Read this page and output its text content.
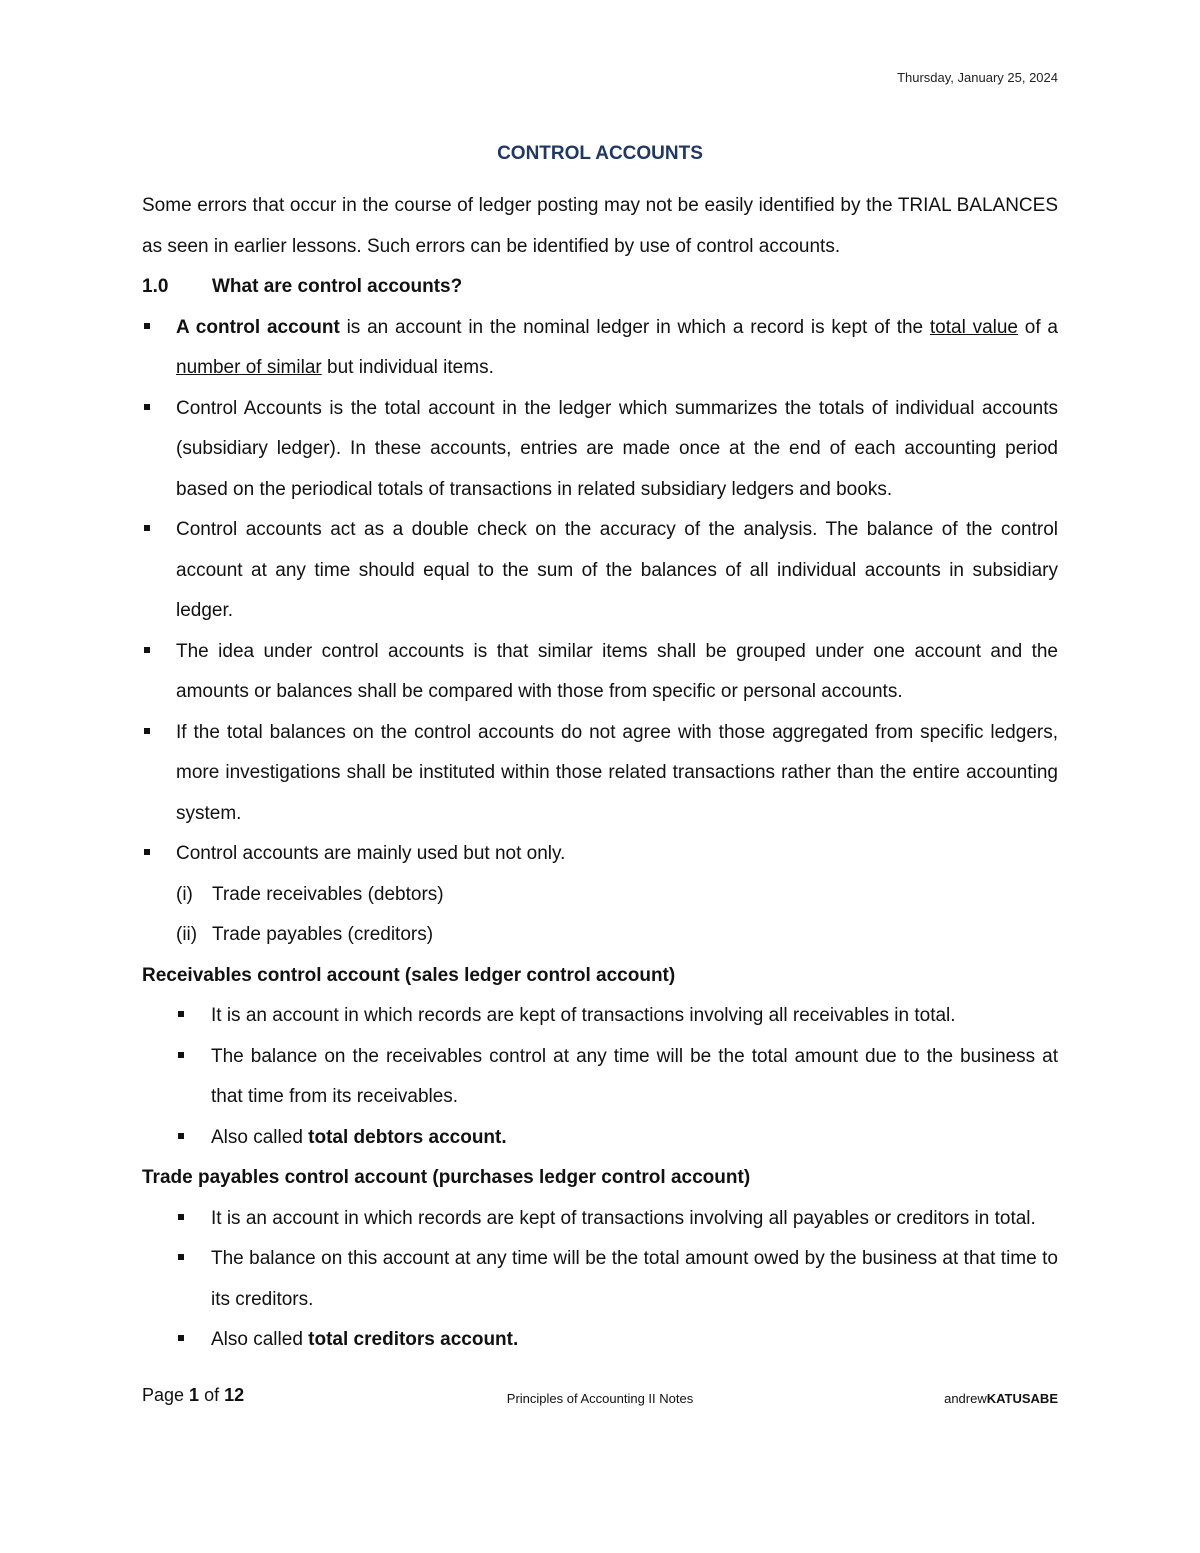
Thursday, January 25, 2024
CONTROL ACCOUNTS

Some errors that occur in the course of ledger posting may not be easily identified by the TRIAL BALANCES as seen in earlier lessons. Such errors can be identified by use of control accounts.

1.0 What are control accounts?

A control account is an account in the nominal ledger in which a record is kept of the total value of a number of similar but individual items.
Control Accounts is the total account in the ledger which summarizes the totals of individual accounts (subsidiary ledger). In these accounts, entries are made once at the end of each accounting period based on the periodical totals of transactions in related subsidiary ledgers and books.
Control accounts act as a double check on the accuracy of the analysis. The balance of the control account at any time should equal to the sum of the balances of all individual accounts in subsidiary ledger.
The idea under control accounts is that similar items shall be grouped under one account and the amounts or balances shall be compared with those from specific or personal accounts.
If the total balances on the control accounts do not agree with those aggregated from specific ledgers, more investigations shall be instituted within those related transactions rather than the entire accounting system.
Control accounts are mainly used but not only.
(i) Trade receivables (debtors)
(ii) Trade payables (creditors)

Receivables control account (sales ledger control account)

It is an account in which records are kept of transactions involving all receivables in total.
The balance on the receivables control at any time will be the total amount due to the business at that time from its receivables.
Also called total debtors account.

Trade payables control account (purchases ledger control account)

It is an account in which records are kept of transactions involving all payables or creditors in total.
The balance on this account at any time will be the total amount owed by the business at that time to its creditors.
Also called total creditors account.
Page 1 of 12	Principles of Accounting II Notes	andrewKATUSABE
